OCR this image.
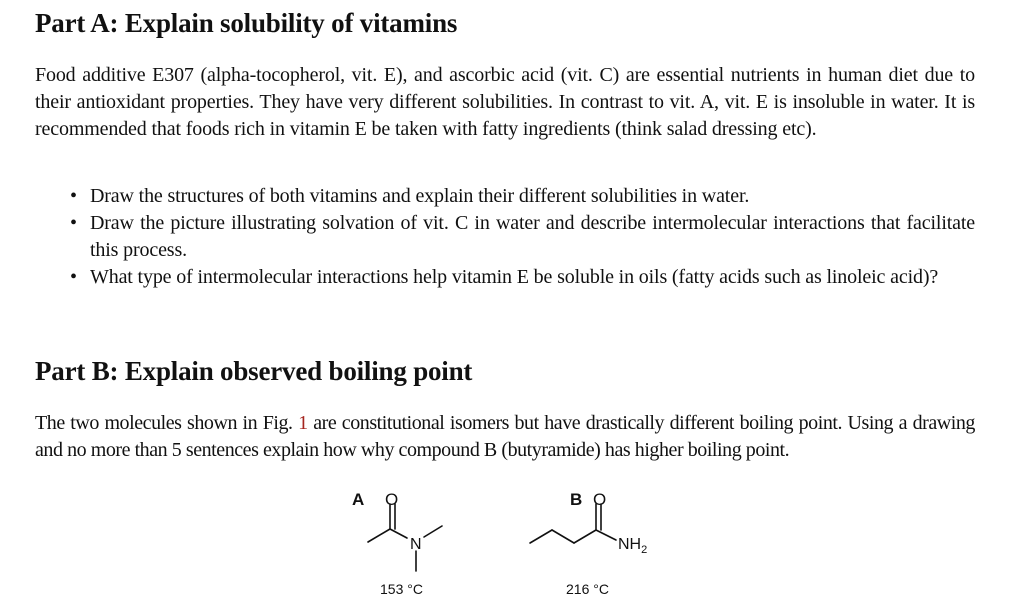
Part A: Explain solubility of vitamins

Food additive E307 (alpha-tocopherol, vit. E), and ascorbic acid (vit. C) are essential nutrients in human diet due to their antioxidant properties. They have very different solubilities. In contrast to vit. A, vit. E is insoluble in water. It is recommended that foods rich in vitamin E be taken with fatty ingredients (think salad dressing etc).

• Draw the structures of both vitamins and explain their different solubilities in water.
• Draw the picture illustrating solvation of vit. C in water and describe intermolecular interactions that facilitate this process.
• What type of intermolecular interactions help vitamin E be soluble in oils (fatty acids such as linoleic acid)?
Part B: Explain observed boiling point

The two molecules shown in Fig. 1 are constitutional isomers but have drastically different boiling point. Using a drawing and no more than 5 sentences explain how why compound B (butyramide) has higher boiling point.

A O
N
153 °C
B O
$NH_2$
216 °C
